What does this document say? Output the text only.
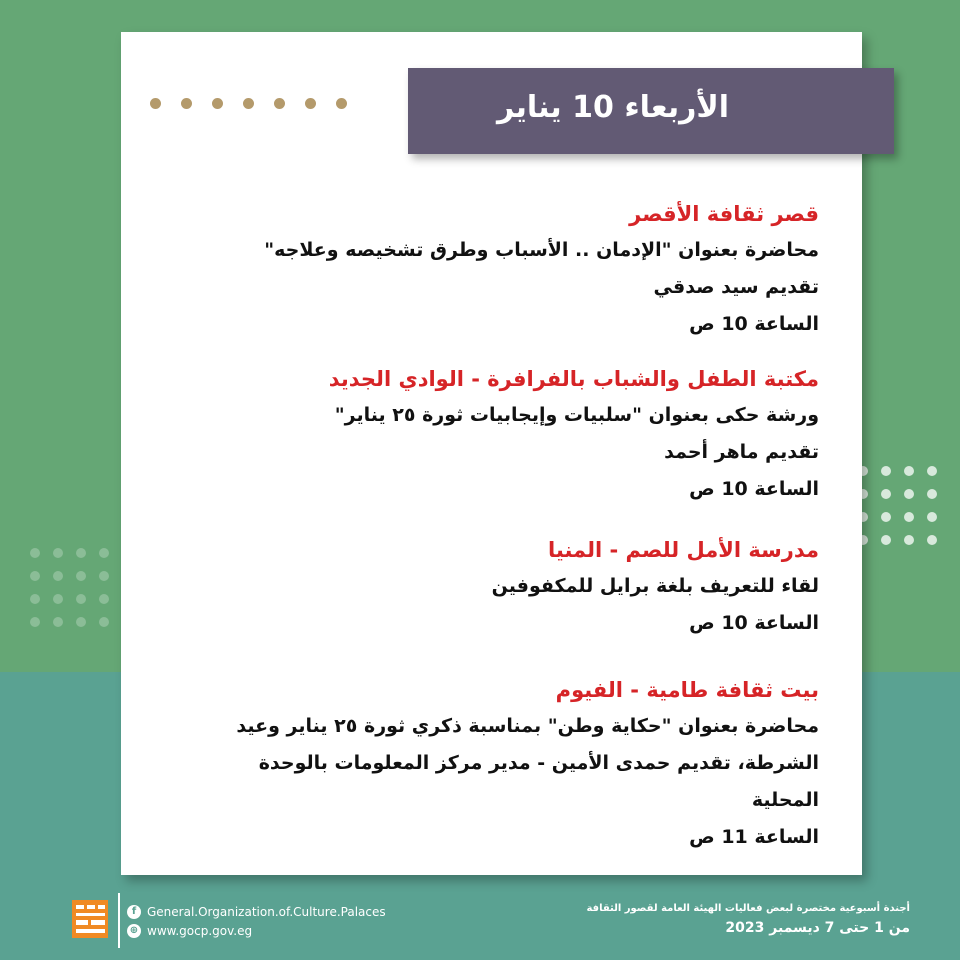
الأربعاء 10 يناير
قصر ثقافة الأقصر
محاضرة بعنوان "الإدمان .. الأسباب وطرق تشخيصه وعلاجه"
تقديم سيد صدقي
الساعة 10 ص
مكتبة الطفل والشباب بالفرافرة - الوادي الجديد
ورشة حكى بعنوان "سلبيات وإيجابيات ثورة ٢٥ يناير"
تقديم ماهر أحمد
الساعة 10 ص
مدرسة الأمل للصم - المنيا
لقاء للتعريف بلغة برايل للمكفوفين
الساعة 10 ص
بيت ثقافة طامية - الفيوم
محاضرة بعنوان "حكاية وطن" بمناسبة ذكري ثورة ٢٥ يناير وعيد
الشرطة، تقديم حمدى الأمين - مدير مركز المعلومات بالوحدة المحلية
الساعة 11 ص
f General.Organization.of.Culture.Palaces
⊕ www.gocp.gov.eg
أجندة أسبوعية مختصرة لبعض فعاليات الهيئة العامة لقصور الثقافة
من 1 حتى 7 ديسمبر 2023
